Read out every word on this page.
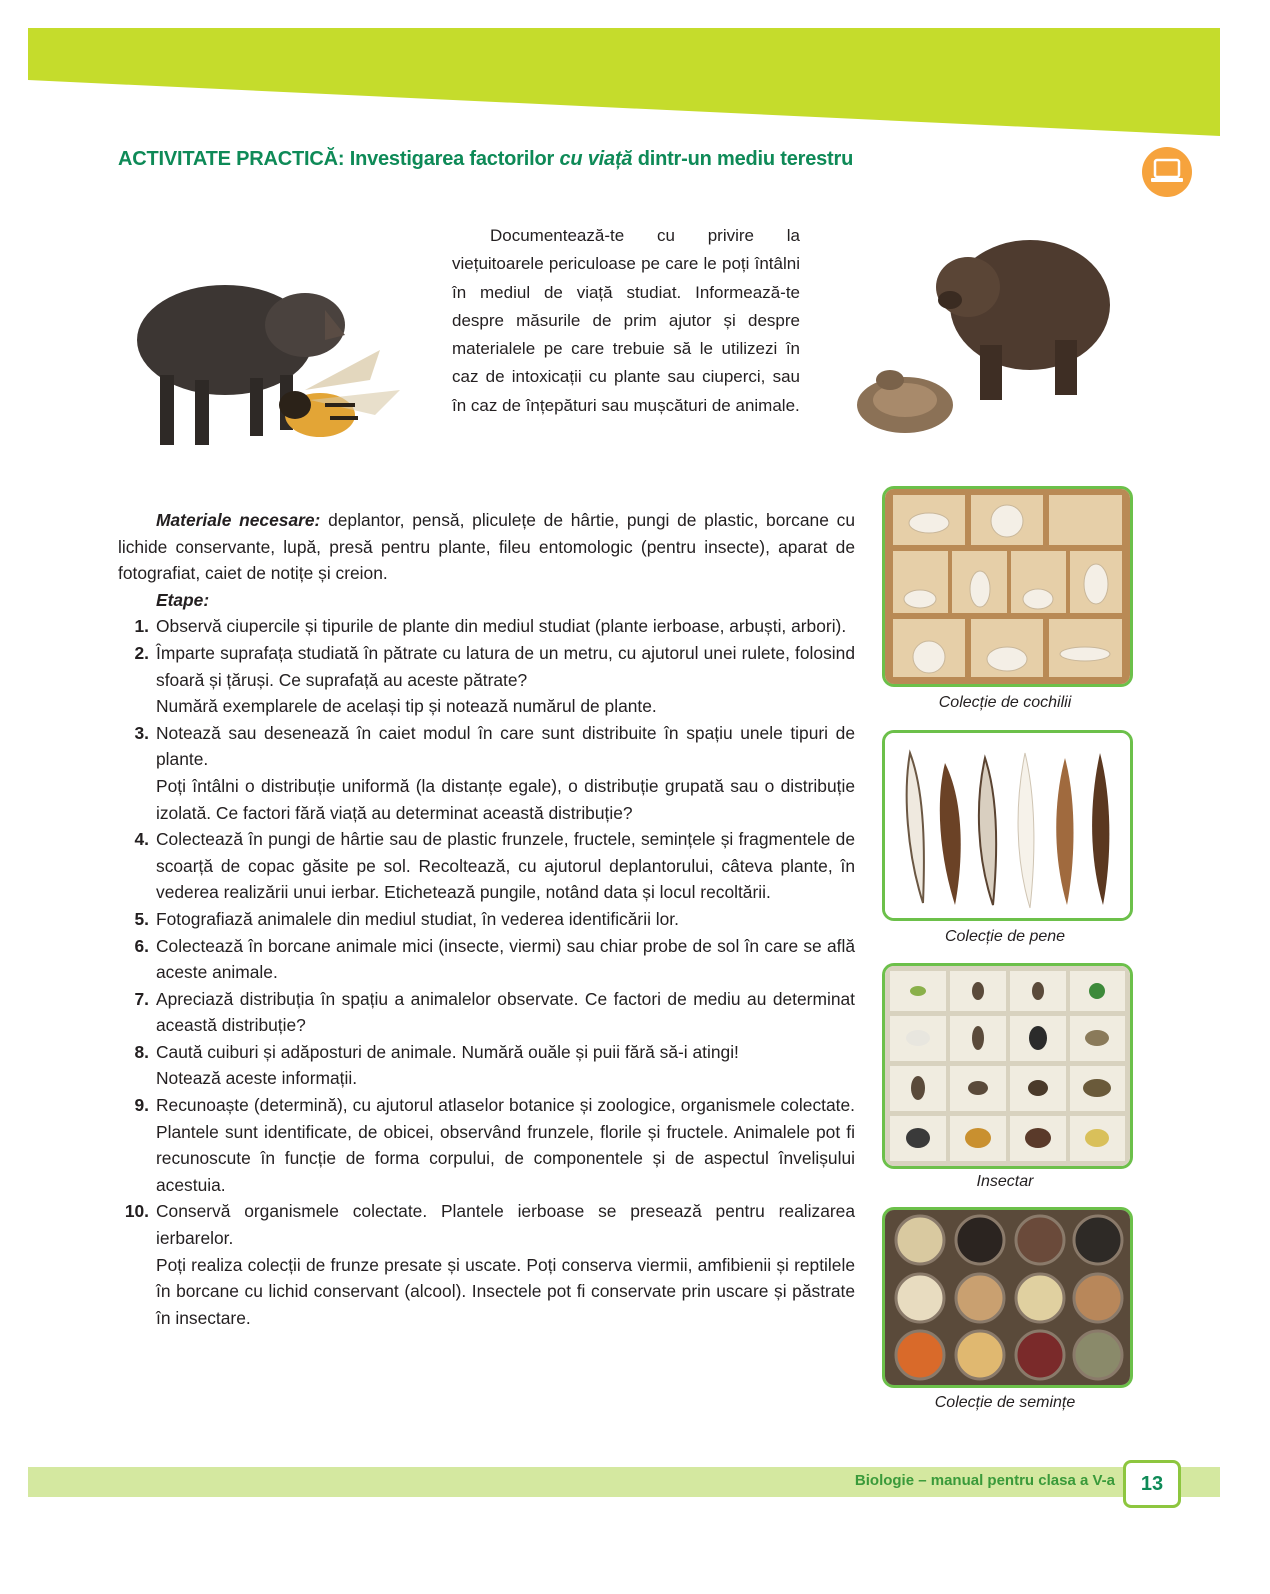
ACTIVITATE PRACTICĂ: Investigarea factorilor cu viață dintr-un mediu terestru
Documentează-te cu privire la viețuitoarele periculoase pe care le poți întâlni în mediul de viață studiat. Informează-te despre măsurile de prim ajutor și despre materialele pe care trebuie să le utilizezi în caz de intoxicații cu plante sau ciuperci, sau în caz de înțepături sau mușcături de animale.

Materiale necesare: deplantor, pensă, pliculețe de hârtie, pungi de plastic, borcane cu lichide conservante, lupă, presă pentru plante, fileu entomologic (pentru insecte), aparat de fotografiat, caiet de notițe și creion.

Etape:

1. Observă ciupercile și tipurile de plante din mediul studiat (plante ierboase, arbuști, arbori).
2. Împarte suprafața studiată în pătrate cu latura de un metru, cu ajutorul unei rulete, folosind sfoară și țăruși. Ce suprafață au aceste pătrate?
Numără exemplarele de același tip și notează numărul de plante.
3. Notează sau desenează în caiet modul în care sunt distribuite în spațiu unele tipuri de plante.
Poți întâlni o distribuție uniformă (la distanțe egale), o distribuție grupată sau o distribuție izolată. Ce factori fără viață au determinat această distribuție?
4. Colectează în pungi de hârtie sau de plastic frunzele, fructele, semințele și fragmentele de scoarță de copac găsite pe sol. Recoltează, cu ajutorul deplantorului, câteva plante, în vederea realizării unui ierbar. Etichetează pungile, notând data și locul recoltării.
5. Fotografiază animalele din mediul studiat, în vederea identificării lor.
6. Colectează în borcane animale mici (insecte, viermi) sau chiar probe de sol în care se află aceste animale.
7. Apreciază distribuția în spațiu a animalelor observate. Ce factori de mediu au determinat această distribuție?
8. Caută cuiburi și adăposturi de animale. Numără ouăle și puii fără să-i atingi!
Notează aceste informații.
9. Recunoaște (determină), cu ajutorul atlaselor botanice și zoologice, organismele colectate. Plantele sunt identificate, de obicei, observând frunzele, florile și fructele. Animalele pot fi recunoscute în funcție de forma corpului, de componentele și de aspectul învelișului acestuia.
10. Conservă organismele colectate. Plantele ierboase se presează pentru realizarea ierbarelor.
Poți realiza colecții de frunze presate și uscate. Poți conserva viermii, amfibienii și reptilele în borcane cu lichid conservant (alcool). Insectele pot fi conservate prin uscare și păstrate în insectare.
Colecție de cochilii
Colecție de pene
Insectar
Colecție de semințe
Biologie – manual pentru clasa a V-a	13
